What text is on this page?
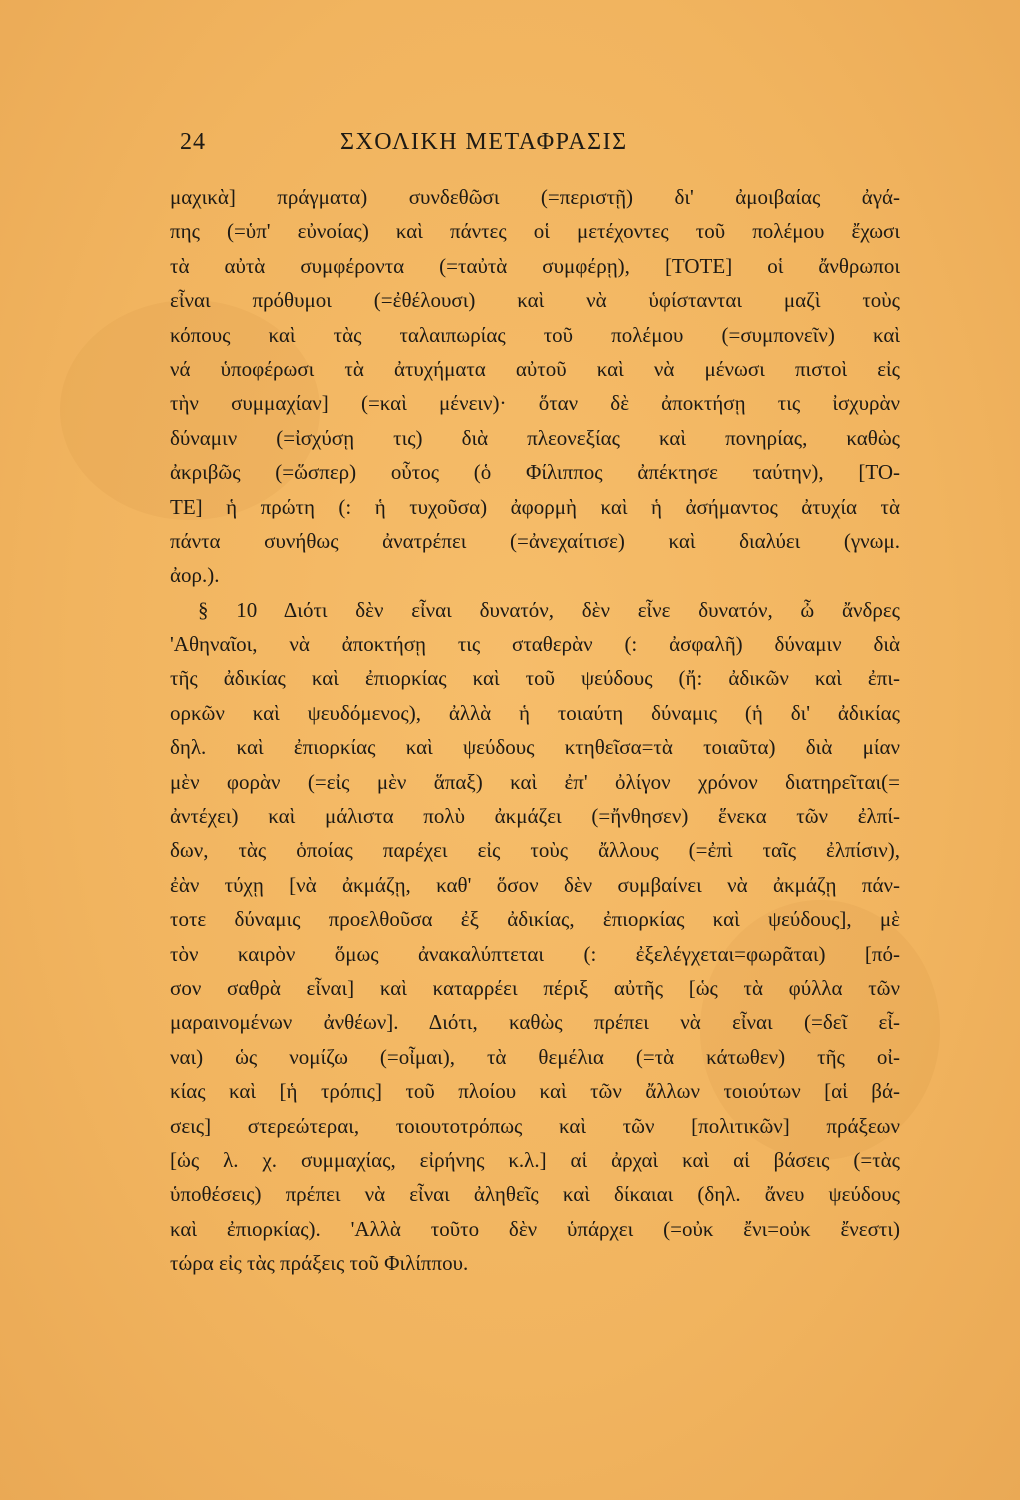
24	ΣΧΟΛΙΚΗ ΜΕΤΑΦΡΑΣΙΣ
μαχικὰ] πράγματα) συνδεθῶσι (=περιστῇ) δι' ἀμοιβαίας ἀγά-
πης (=ὑπ' εὐνοίας) καὶ πάντες οἱ μετέχοντες τοῦ πολέμου ἔχωσι
τὰ αὐτὰ συμφέροντα (=ταὐτὰ συμφέρῃ), [ΤΟΤΕ] οἱ ἄνθρωποι
εἶναι πρόθυμοι (=ἐθέλουσι) καὶ νὰ ὑφίστανται μαζὶ τοὺς
κόπους καὶ τὰς ταλαιπωρίας τοῦ πολέμου (=συμπονεῖν) καὶ
νά ὑποφέρωσι τὰ ἀτυχήματα αὐτοῦ καὶ νὰ μένωσι πιστοὶ εἰς
τὴν συμμαχίαν] (=καὶ μένειν)· ὅταν δὲ ἀποκτήσῃ τις ἰσχυρὰν
δύναμιν (=ἰσχύσῃ τις) διὰ πλεονεξίας καὶ πονηρίας, καθὼς
ἀκριβῶς (=ὥσπερ) οὗτος (ὁ Φίλιππος ἀπέκτησε ταύτην), [ΤΟ-
ΤΕ] ἡ πρώτη (: ἡ τυχοῦσα) ἀφορμὴ καὶ ἡ ἀσήμαντος ἀτυχία τὰ
πάντα συνήθως ἀνατρέπει (=ἀνεχαίτισε) καὶ διαλύει (γνωμ.
ἀορ.).
§ 10 Διότι δὲν εἶναι δυνατόν, δὲν εἶνε δυνατόν, ὦ ἄνδρες
'Αθηναῖοι, νὰ ἀποκτήσῃ τις σταθερὰν (: ἀσφαλῆ) δύναμιν διὰ
τῆς ἀδικίας καὶ ἐπιορκίας καὶ τοῦ ψεύδους (ἤ: ἀδικῶν καὶ ἐπι-
ορκῶν καὶ ψευδόμενος), ἀλλὰ ἡ τοιαύτη δύναμις (ἡ δι' ἀδικίας
δηλ. καὶ ἐπιορκίας καὶ ψεύδους κτηθεῖσα=τὰ τοιαῦτα) διὰ μίαν
μὲν φορὰν (=εἰς μὲν ἅπαξ) καὶ ἐπ' ὀλίγον χρόνον διατηρεῖται(=
ἀντέχει) καὶ μάλιστα πολὺ ἀκμάζει (=ἤνθησεν) ἕνεκα τῶν ἐλπί-
δων, τὰς ὁποίας παρέχει εἰς τοὺς ἄλλους (=ἐπὶ ταῖς ἐλπίσιν),
ἐὰν τύχῃ [νὰ ἀκμάζῃ, καθ' ὅσον δὲν συμβαίνει νὰ ἀκμάζῃ πάν-
τοτε δύναμις προελθοῦσα ἐξ ἀδικίας, ἐπιορκίας καὶ ψεύδους], μὲ
τὸν καιρὸν ὅμως ἀνακαλύπτεται (: ἐξελέγχεται=φωρᾶται) [πό-
σον σαθρὰ εἶναι] καὶ καταρρέει πέριξ αὐτῆς [ὡς τὰ φύλλα τῶν
μαραινομένων ἀνθέων]. Διότι, καθὼς πρέπει νὰ εἶναι (=δεῖ εἶ-
ναι) ὡς νομίζω (=οἶμαι), τὰ θεμέλια (=τὰ κάτωθεν) τῆς οἰ-
κίας καὶ [ἡ τρόπις] τοῦ πλοίου καὶ τῶν ἄλλων τοιούτων [αἱ βά-
σεις] στερεώτεραι, τοιουτοτρόπως καὶ τῶν [πολιτικῶν] πράξεων
[ὡς λ. χ. συμμαχίας, εἰρήνης κ.λ.] αἱ ἀρχαὶ καὶ αἱ βάσεις (=τὰς
ὑποθέσεις) πρέπει νὰ εἶναι ἀληθεῖς καὶ δίκαιαι (δηλ. ἄνευ ψεύδους
καὶ ἐπιορκίας). 'Αλλὰ τοῦτο δὲν ὑπάρχει (=οὐκ ἔνι=οὐκ ἔνεστι)
τώρα εἰς τὰς πράξεις τοῦ Φιλίππου.
